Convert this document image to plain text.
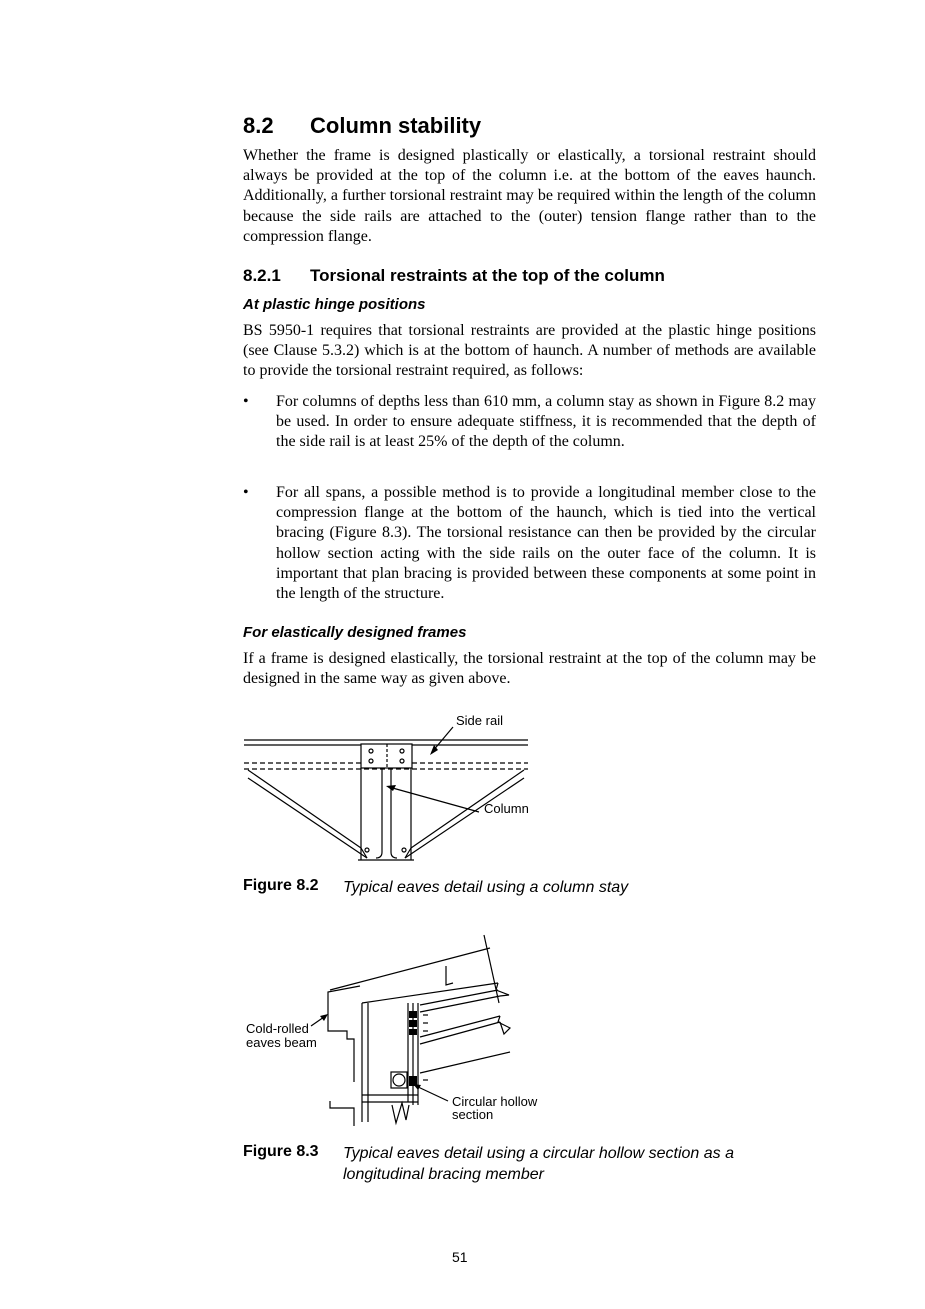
8.2 Column stability
Whether the frame is designed plastically or elastically, a torsional restraint should always be provided at the top of the column i.e. at the bottom of the eaves haunch. Additionally, a further torsional restraint may be required within the length of the column because the side rails are attached to the (outer) tension flange rather than to the compression flange.
8.2.1 Torsional restraints at the top of the column
At plastic hinge positions
BS 5950-1 requires that torsional restraints are provided at the plastic hinge positions (see Clause 5.3.2) which is at the bottom of haunch. A number of methods are available to provide the torsional restraint required, as follows:
• For columns of depths less than 610 mm, a column stay as shown in Figure 8.2 may be used. In order to ensure adequate stiffness, it is recommended that the depth of the side rail is at least 25% of the depth of the column.
• For all spans, a possible method is to provide a longitudinal member close to the compression flange at the bottom of the haunch, which is tied into the vertical bracing (Figure 8.3). The torsional resistance can then be provided by the circular hollow section acting with the side rails on the outer face of the column. It is important that plan bracing is provided between these components at some point in the length of the structure.
For elastically designed frames
If a frame is designed elastically, the torsional restraint at the top of the column may be designed in the same way as given above.
Side rail
Column
Figure 8.2 Typical eaves detail using a column stay
Cold-rolled eaves beam
Circular hollow section
Figure 8.3 Typical eaves detail using a circular hollow section as a longitudinal bracing member
51
